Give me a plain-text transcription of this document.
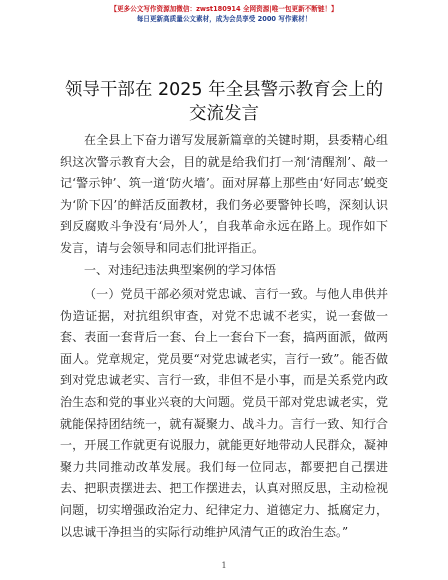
【更多公文写作资源加微信：zwst180914 全网资源|唯一包更新不断链！】
每日更新高质量公文素材，成为会员享受 2000 写作素材！
领导干部在 2025 年全县警示教育会上的交流发言
在全县上下奋力谱写发展新篇章的关键时期，县委精心组织这次警示教育大会，目的就是给我们打一剂‘清醒剂’、敲一记‘警示钟’、筑一道‘防火墙’。面对屏幕上那些由‘好同志’蜕变为‘阶下囚’的鲜活反面教材，我们务必要警钟长鸣，深刻认识到反腐败斗争没有‘局外人’，自我革命永远在路上。现作如下发言，请与会领导和同志们批评指正。
一、对违纪违法典型案例的学习体悟
（一）党员干部必须对党忠诚、言行一致。与他人串供并伪造证据，对抗组织审查，对党不忠诚不老实，说一套做一套、表面一套背后一套、台上一套台下一套，搞两面派，做两面人。党章规定，党员要“对党忠诚老实，言行一致”。能否做到对党忠诚老实、言行一致，非但不是小事，而是关系党内政治生态和党的事业兴衰的大问题。党员干部对党忠诚老实，党就能保持团结统一，就有凝聚力、战斗力。言行一致、知行合一，开展工作就更有说服力，就能更好地带动人民群众，凝神聚力共同推动改革发展。我们每一位同志，都要把自己摆进去、把职责摆进去、把工作摆进去，认真对照反思，主动检视问题，切实增强政治定力、纪律定力、道德定力、抵腐定力，以忠诚干净担当的实际行动维护风清气正的政治生态。”
1
